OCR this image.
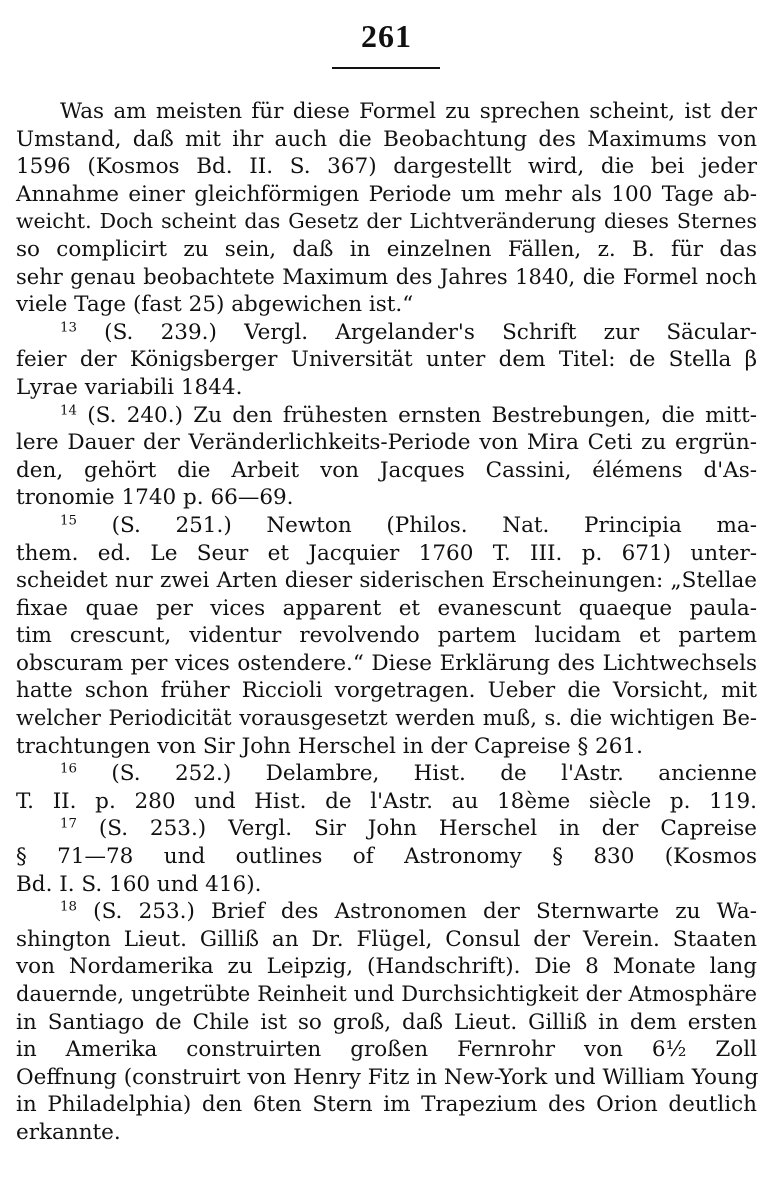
261
Was am meisten für diese Formel zu sprechen scheint, ist der
Umstand, daß mit ihr auch die Beobachtung des Maximums von
1596 (Kosmos Bd. II. S. 367) dargestellt wird, die bei jeder
Annahme einer gleichförmigen Periode um mehr als 100 Tage ab-
weicht. Doch scheint das Gesetz der Lichtveränderung dieses Sternes
so complicirt zu sein, daß in einzelnen Fällen, z. B. für das
sehr genau beobachtete Maximum des Jahres 1840, die Formel noch
viele Tage (fast 25) abgewichen ist.“
$^{13}$ (S. 239.) Vergl. Argelander's Schrift zur Säcular-
feier der Königsberger Universität unter dem Titel: de Stella β
Lyrae variabili 1844.
$^{14}$ (S. 240.) Zu den frühesten ernsten Bestrebungen, die mitt-
lere Dauer der Veränderlichkeits-Periode von Mira Ceti zu ergrün-
den, gehört die Arbeit von Jacques Cassini, élémens d'As-
tronomie 1740 p. 66—69.
$^{15}$ (S. 251.) Newton (Philos. Nat. Principia ma-
them. ed. Le Seur et Jacquier 1760 T. III. p. 671) unter-
scheidet nur zwei Arten dieser siderischen Erscheinungen: „Stellae
fixae quae per vices apparent et evanescunt quaeque paula-
tim crescunt, videntur revolvendo partem lucidam et partem
obscuram per vices ostendere.“ Diese Erklärung des Lichtwechsels
hatte schon früher Riccioli vorgetragen. Ueber die Vorsicht, mit
welcher Periodicität vorausgesetzt werden muß, s. die wichtigen Be-
trachtungen von Sir John Herschel in der Capreise § 261.
$^{16}$ (S. 252.) Delambre, Hist. de l'Astr. ancienne
T. II. p. 280 und Hist. de l'Astr. au 18ème siècle p. 119.
$^{17}$ (S. 253.) Vergl. Sir John Herschel in der Capreise
§ 71—78 und outlines of Astronomy § 830 (Kosmos
Bd. I. S. 160 und 416).
$^{18}$ (S. 253.) Brief des Astronomen der Sternwarte zu Wa-
shington Lieut. Gilliß an Dr. Flügel, Consul der Verein. Staaten
von Nordamerika zu Leipzig, (Handschrift). Die 8 Monate lang
dauernde, ungetrübte Reinheit und Durchsichtigkeit der Atmosphäre
in Santiago de Chile ist so groß, daß Lieut. Gilliß in dem ersten
in Amerika construirten großen Fernrohr von 6½ Zoll
Oeffnung (construirt von Henry Fitz in New-York und William Young
in Philadelphia) den 6ten Stern im Trapezium des Orion deutlich
erkannte.
